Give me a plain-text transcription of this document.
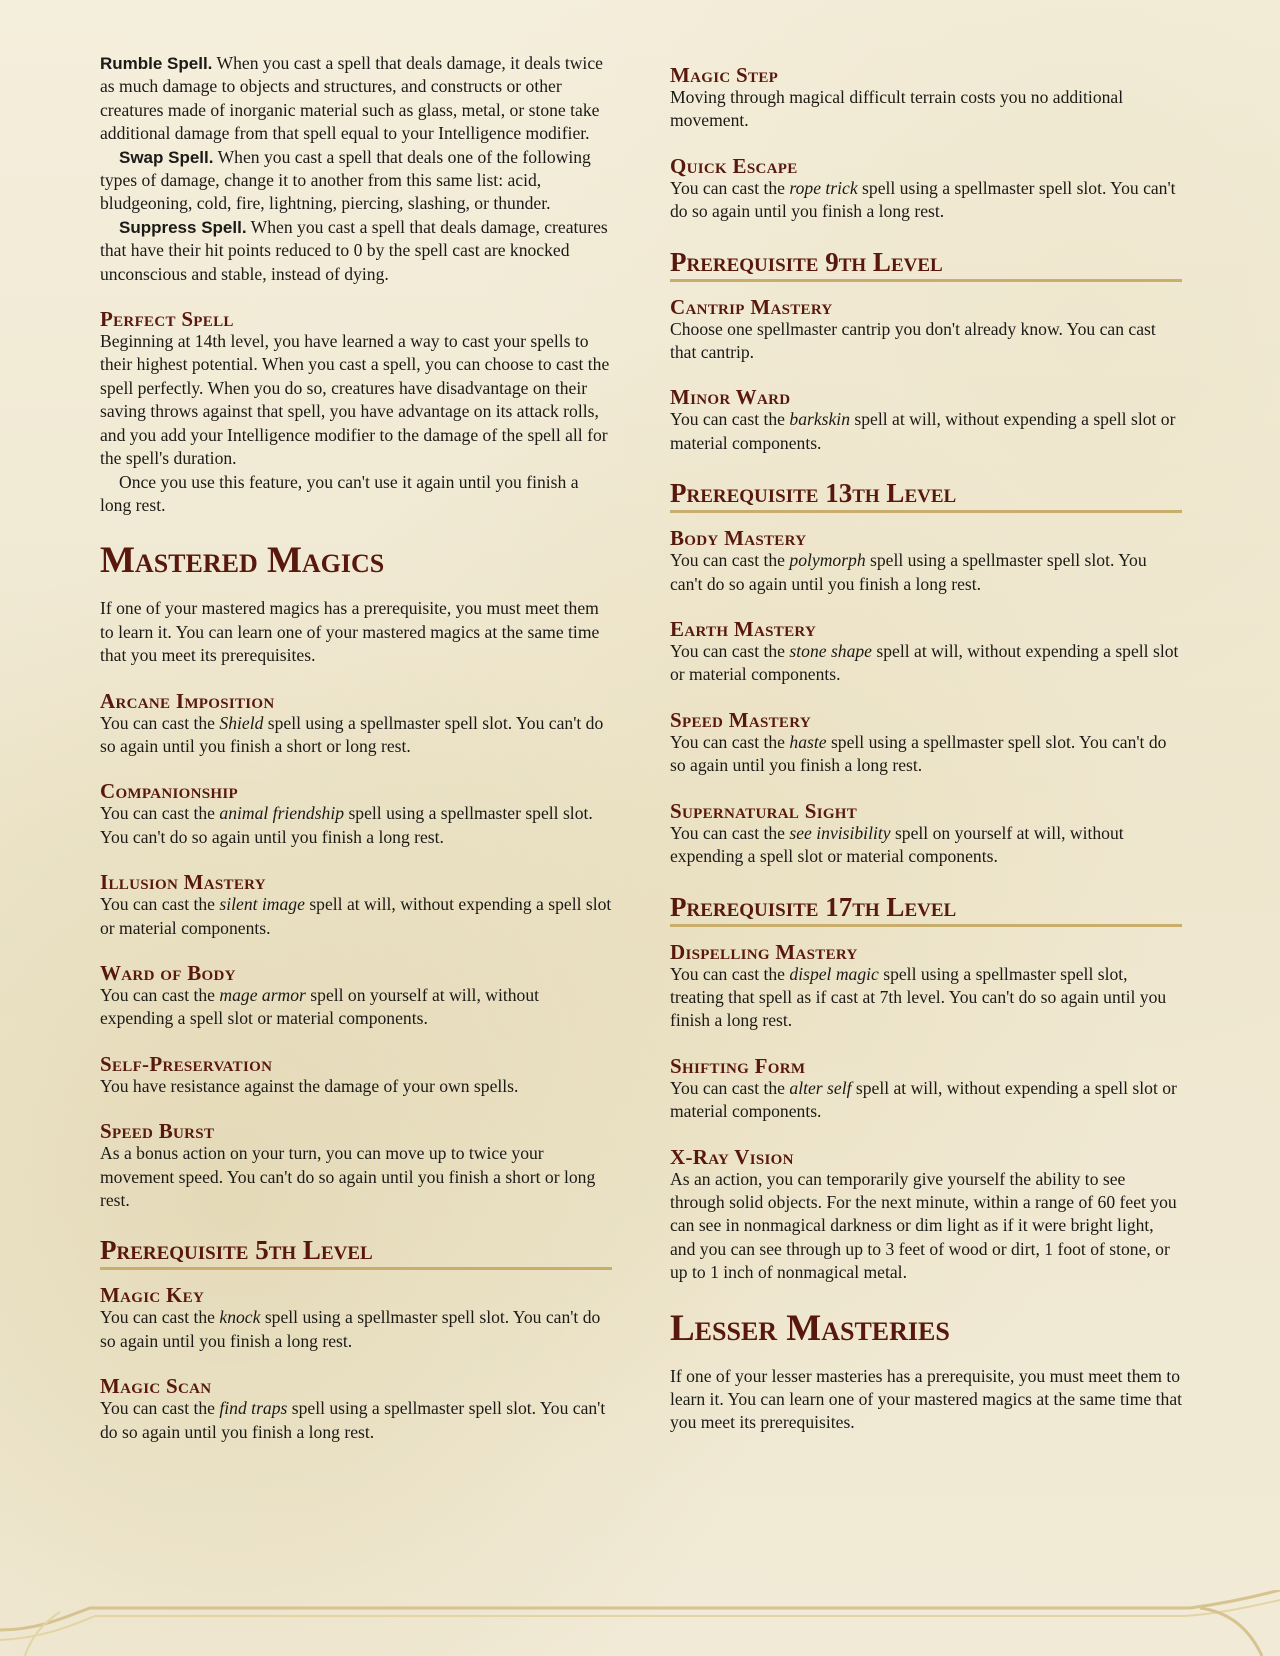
Rumble Spell. When you cast a spell that deals damage, it deals twice as much damage to objects and structures, and constructs or other creatures made of inorganic material such as glass, metal, or stone take additional damage from that spell equal to your Intelligence modifier.

Swap Spell. When you cast a spell that deals one of the following types of damage, change it to another from this same list: acid, bludgeoning, cold, fire, lightning, piercing, slashing, or thunder.

Suppress Spell. When you cast a spell that deals damage, creatures that have their hit points reduced to 0 by the spell cast are knocked unconscious and stable, instead of dying.

Perfect Spell

Beginning at 14th level, you have learned a way to cast your spells to their highest potential. When you cast a spell, you can choose to cast the spell perfectly. When you do so, creatures have disadvantage on their saving throws against that spell, you have advantage on its attack rolls, and you add your Intelligence modifier to the damage of the spell all for the spell's duration.

Once you use this feature, you can't use it again until you finish a long rest.

Mastered Magics

If one of your mastered magics has a prerequisite, you must meet them to learn it. You can learn one of your mastered magics at the same time that you meet its prerequisites.

Arcane Imposition

You can cast the Shield spell using a spellmaster spell slot. You can't do so again until you finish a short or long rest.

Companionship

You can cast the animal friendship spell using a spellmaster spell slot. You can't do so again until you finish a long rest.

Illusion Mastery

You can cast the silent image spell at will, without expending a spell slot or material components.

Ward of Body

You can cast the mage armor spell on yourself at will, without expending a spell slot or material components.

Self-Preservation

You have resistance against the damage of your own spells.

Speed Burst

As a bonus action on your turn, you can move up to twice your movement speed. You can't do so again until you finish a short or long rest.

Prerequisite 5th Level
Magic Key

You can cast the knock spell using a spellmaster spell slot. You can't do so again until you finish a long rest.

Magic Scan

You can cast the find traps spell using a spellmaster spell slot. You can't do so again until you finish a long rest.

Magic Step

Moving through magical difficult terrain costs you no additional movement.

Quick Escape

You can cast the rope trick spell using a spellmaster spell slot. You can't do so again until you finish a long rest.

Prerequisite 9th Level
Cantrip Mastery

Choose one spellmaster cantrip you don't already know. You can cast that cantrip.

Minor Ward

You can cast the barkskin spell at will, without expending a spell slot or material components.

Prerequisite 13th Level
Body Mastery

You can cast the polymorph spell using a spellmaster spell slot. You can't do so again until you finish a long rest.

Earth Mastery

You can cast the stone shape spell at will, without expending a spell slot or material components.

Speed Mastery

You can cast the haste spell using a spellmaster spell slot. You can't do so again until you finish a long rest.

Supernatural Sight

You can cast the see invisibility spell on yourself at will, without expending a spell slot or material components.

Prerequisite 17th Level
Dispelling Mastery

You can cast the dispel magic spell using a spellmaster spell slot, treating that spell as if cast at 7th level. You can't do so again until you finish a long rest.

Shifting Form

You can cast the alter self spell at will, without expending a spell slot or material components.

X-Ray Vision

As an action, you can temporarily give yourself the ability to see through solid objects. For the next minute, within a range of 60 feet you can see in nonmagical darkness or dim light as if it were bright light, and you can see through up to 3 feet of wood or dirt, 1 foot of stone, or up to 1 inch of nonmagical metal.

Lesser Masteries

If one of your lesser masteries has a prerequisite, you must meet them to learn it. You can learn one of your mastered magics at the same time that you meet its prerequisites.
